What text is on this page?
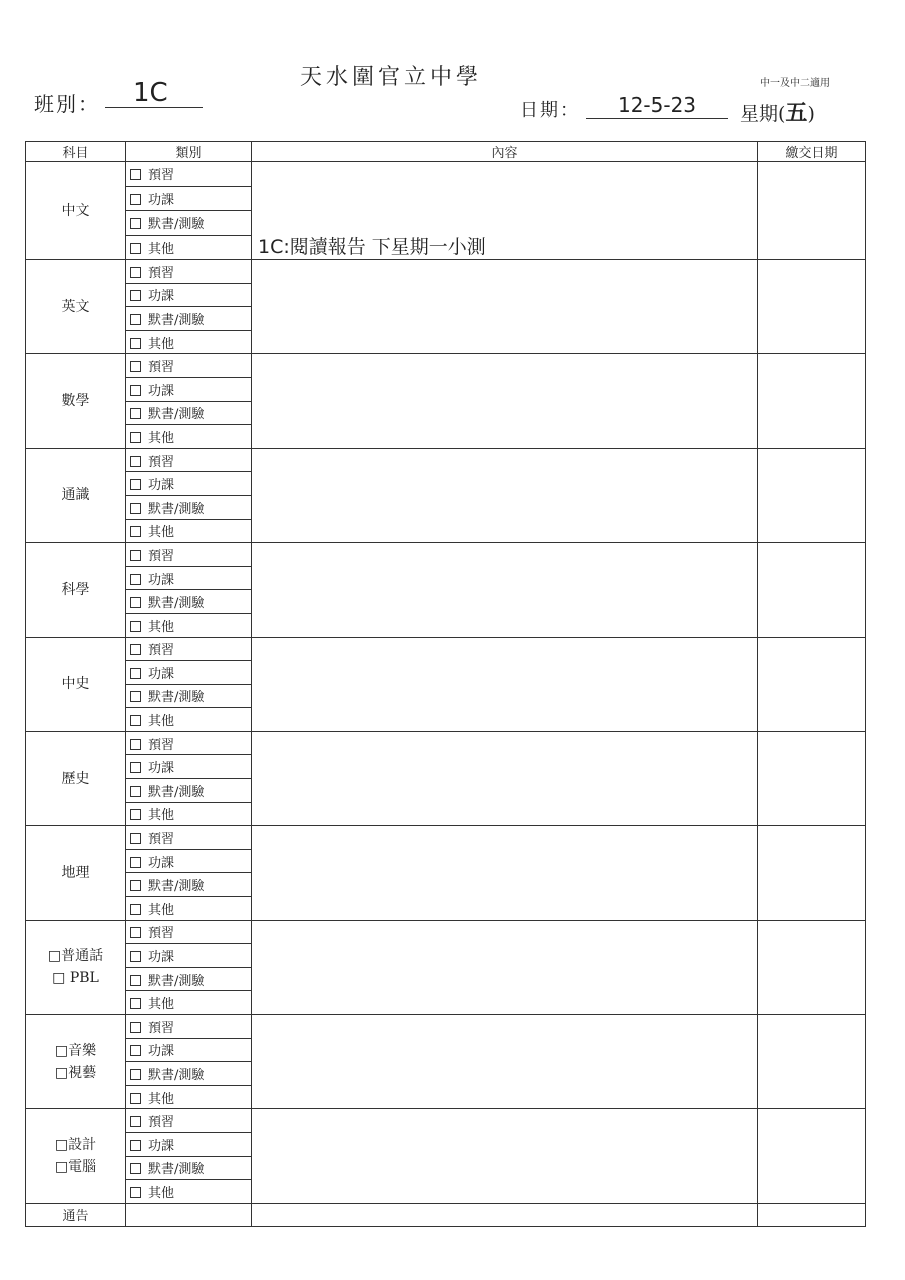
天水圍官立中學	中一及中二適用
班別：	1C
日期：	12-5-23	星期(五)
科目	類別	內容	繳交日期

中文	預習	1C:閱讀報告 下星期一小測	

	功課		
	默書/測驗		
	其他		

英文	預習	

	功課		
	默書/測驗		
	其他		

數學	預習	

	功課		
	默書/測驗		
	其他		

通識	預習	

	功課		
	默書/測驗		
	其他		

科學	預習	

	功課		
	默書/測驗		
	其他		

中史	預習	

	功課		
	默書/測驗		
	其他		

歷史	預習	

	功課		
	默書/測驗		
	其他		

地理	預習	

	功課		
	默書/測驗		
	其他		

□普通話
□ PBL	預習	

	功課		
	默書/測驗		
	其他		

□音樂
□視藝	預習	

	功課		
	默書/測驗		
	其他		

□設計
□電腦	預習	

	功課		
	默書/測驗		
	其他		
通告			
